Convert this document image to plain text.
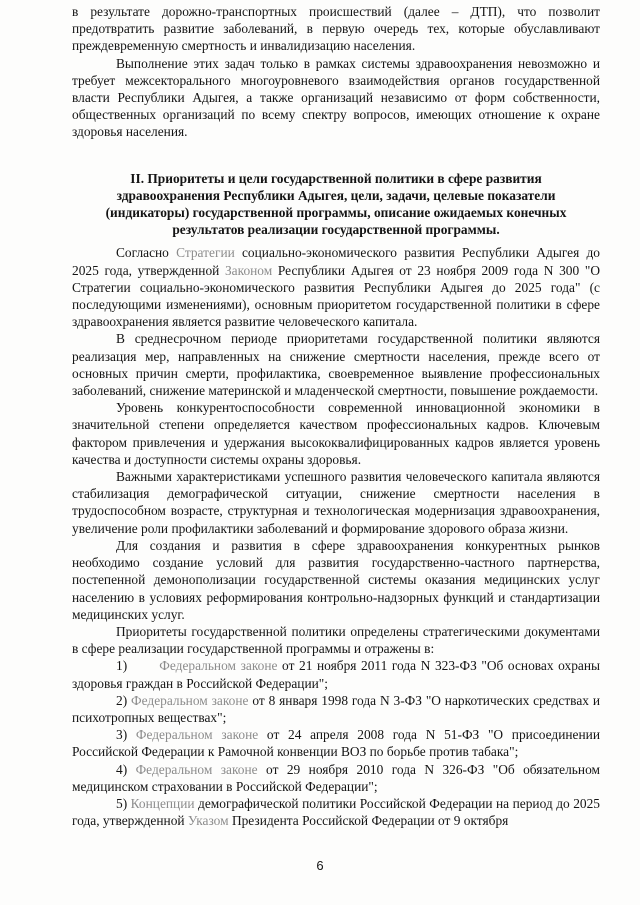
в результате дорожно-транспортных происшествий (далее – ДТП), что позволит предотвратить развитие заболеваний, в первую очередь тех, которые обуславливают преждевременную смертность и инвалидизацию населения.

Выполнение этих задач только в рамках системы здравоохранения невозможно и требует межсекторального многоуровневого взаимодействия органов государственной власти Республики Адыгея, а также организаций независимо от форм собственности, общественных организаций по всему спектру вопросов, имеющих отношение к охране здоровья населения.

II. Приоритеты и цели государственной политики в сфере развития здравоохранения Республики Адыгея, цели, задачи, целевые показатели (индикаторы) государственной программы, описание ожидаемых конечных результатов реализации государственной программы.

Согласно Стратегии социально-экономического развития Республики Адыгея до 2025 года, утвержденной Законом Республики Адыгея от 23 ноября 2009 года N 300 "О Стратегии социально-экономического развития Республики Адыгея до 2025 года" (с последующими изменениями), основным приоритетом государственной политики в сфере здравоохранения является развитие человеческого капитала.

В среднесрочном периоде приоритетами государственной политики являются реализация мер, направленных на снижение смертности населения, прежде всего от основных причин смерти, профилактика, своевременное выявление профессиональных заболеваний, снижение материнской и младенческой смертности, повышение рождаемости.

Уровень конкурентоспособности современной инновационной экономики в значительной степени определяется качеством профессиональных кадров. Ключевым фактором привлечения и удержания высококвалифицированных кадров является уровень качества и доступности системы охраны здоровья.

Важными характеристиками успешного развития человеческого капитала являются стабилизация демографической ситуации, снижение смертности населения в трудоспособном возрасте, структурная и технологическая модернизация здравоохранения, увеличение роли профилактики заболеваний и формирование здорового образа жизни.

Для создания и развития в сфере здравоохранения конкурентных рынков необходимо создание условий для развития государственно-частного партнерства, постепенной демонополизации государственной системы оказания медицинских услуг населению в условиях реформирования контрольно-надзорных функций и стандартизации медицинских услуг.

Приоритеты государственной политики определены стратегическими документами в сфере реализации государственной программы и отражены в:

1) Федеральном законе от 21 ноября 2011 года N 323-ФЗ "Об основах охраны здоровья граждан в Российской Федерации";

2) Федеральном законе от 8 января 1998 года N 3-ФЗ "О наркотических средствах и психотропных веществах";

3) Федеральном законе от 24 апреля 2008 года N 51-ФЗ "О присоединении Российской Федерации к Рамочной конвенции ВОЗ по борьбе против табака";

4) Федеральном законе от 29 ноября 2010 года N 326-ФЗ "Об обязательном медицинском страховании в Российской Федерации";

5) Концепции демографической политики Российской Федерации на период до 2025 года, утвержденной Указом Президента Российской Федерации от 9 октября

6
